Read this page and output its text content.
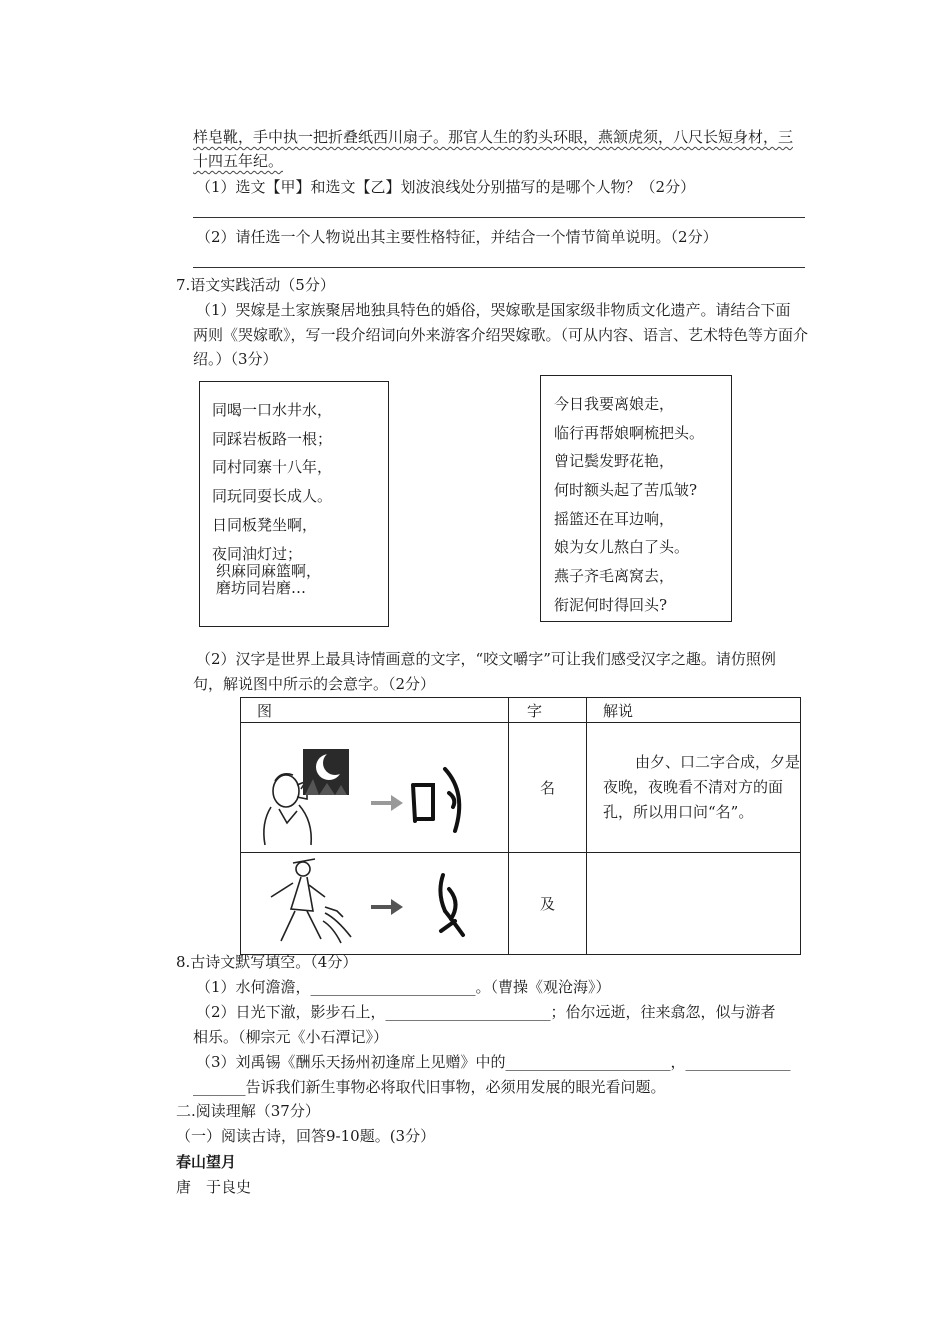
样皂靴，手中执一把折叠纸西川扇子。那官人生的豹头环眼，燕颔虎须，八尺长短身材，三
十四五年纪。
（1）选文【甲】和选文【乙】划波浪线处分别描写的是哪个人物？（2分）
（2）请任选一个人物说出其主要性格特征，并结合一个情节简单说明。（2分）
7.语文实践活动（5分）
（1）哭嫁是土家族聚居地独具特色的婚俗，哭嫁歌是国家级非物质文化遗产。请结合下面
两则《哭嫁歌》，写一段介绍词向外来游客介绍哭嫁歌。（可从内容、语言、艺术特色等方面介
绍。）（3分）
同喝一口水井水，
同踩岩板路一根；
同村同寨十八年，
同玩同耍长成人。
日同板凳坐啊，
夜同油灯过；
织麻同麻篮啊，
磨坊同岩磨…
今日我要离娘走，
临行再帮娘啊梳把头。
曾记鬓发野花艳，
何时额头起了苦瓜皱?
摇篮还在耳边响，
娘为女儿熬白了头。
燕子齐毛离窝去，
衔泥何时得回头?
（2）汉字是世界上最具诗情画意的文字，“咬文嚼字”可让我们感受汉字之趣。请仿照例
句，解说图中所示的会意字。（2分）
图	字	解说
	名	由夕、口二字合成，夕是
夜晚，夜晚看不清对方的面
孔，所以用口问“名”。

	及	
8.古诗文默写填空。（4分）
（1）水何澹澹，______________________。（曹操《观沧海》）
（2）日光下澈，影步石上，______________________；佁尔远逝，往来翕忽，似与游者
相乐。（柳宗元《小石潭记》）
（3）刘禹锡《酬乐天扬州初逢席上见赠》中的______________________，______________
_______告诉我们新生事物必将取代旧事物，必须用发展的眼光看问题。
二.阅读理解（37分）
（一）阅读古诗，回答9-10题。(3分）
春山望月
唐　于良史
